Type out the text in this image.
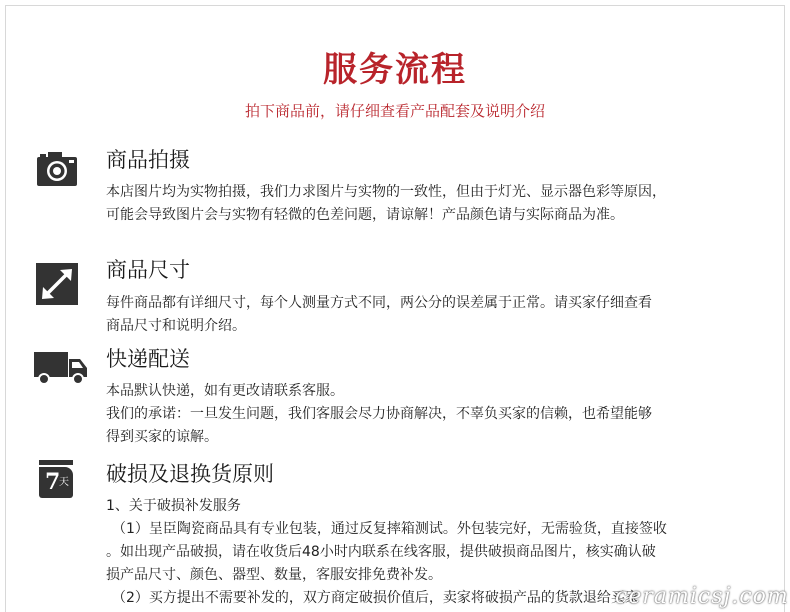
服务流程
拍下商品前，请仔细查看产品配套及说明介绍
商品拍摄
本店图片均为实物拍摄，我们力求图片与实物的一致性，但由于灯光、显示器色彩等原因，
可能会导致图片会与实物有轻微的色差问题，请谅解！产品颜色请与实际商品为准。
商品尺寸
每件商品都有详细尺寸，每个人测量方式不同，两公分的误差属于正常。请买家仔细查看
商品尺寸和说明介绍。
快递配送
本品默认快递，如有更改请联系客服。
我们的承诺：一旦发生问题，我们客服会尽力协商解决，不辜负买家的信赖，也希望能够
得到买家的谅解。
7
天 破损及退换货原则
1、关于破损补发服务
（1）呈臣陶瓷商品具有专业包装，通过反复摔箱测试。外包装完好，无需验货，直接签收
。如出现产品破损，请在收货后48小时内联系在线客服，提供破损商品图片，核实确认破
损产品尺寸、颜色、器型、数量，客服安排免费补发。
（2）买方提出不需要补发的，双方商定破损价值后，卖家将破损产品的货款退给买家
ceramicsj.com
